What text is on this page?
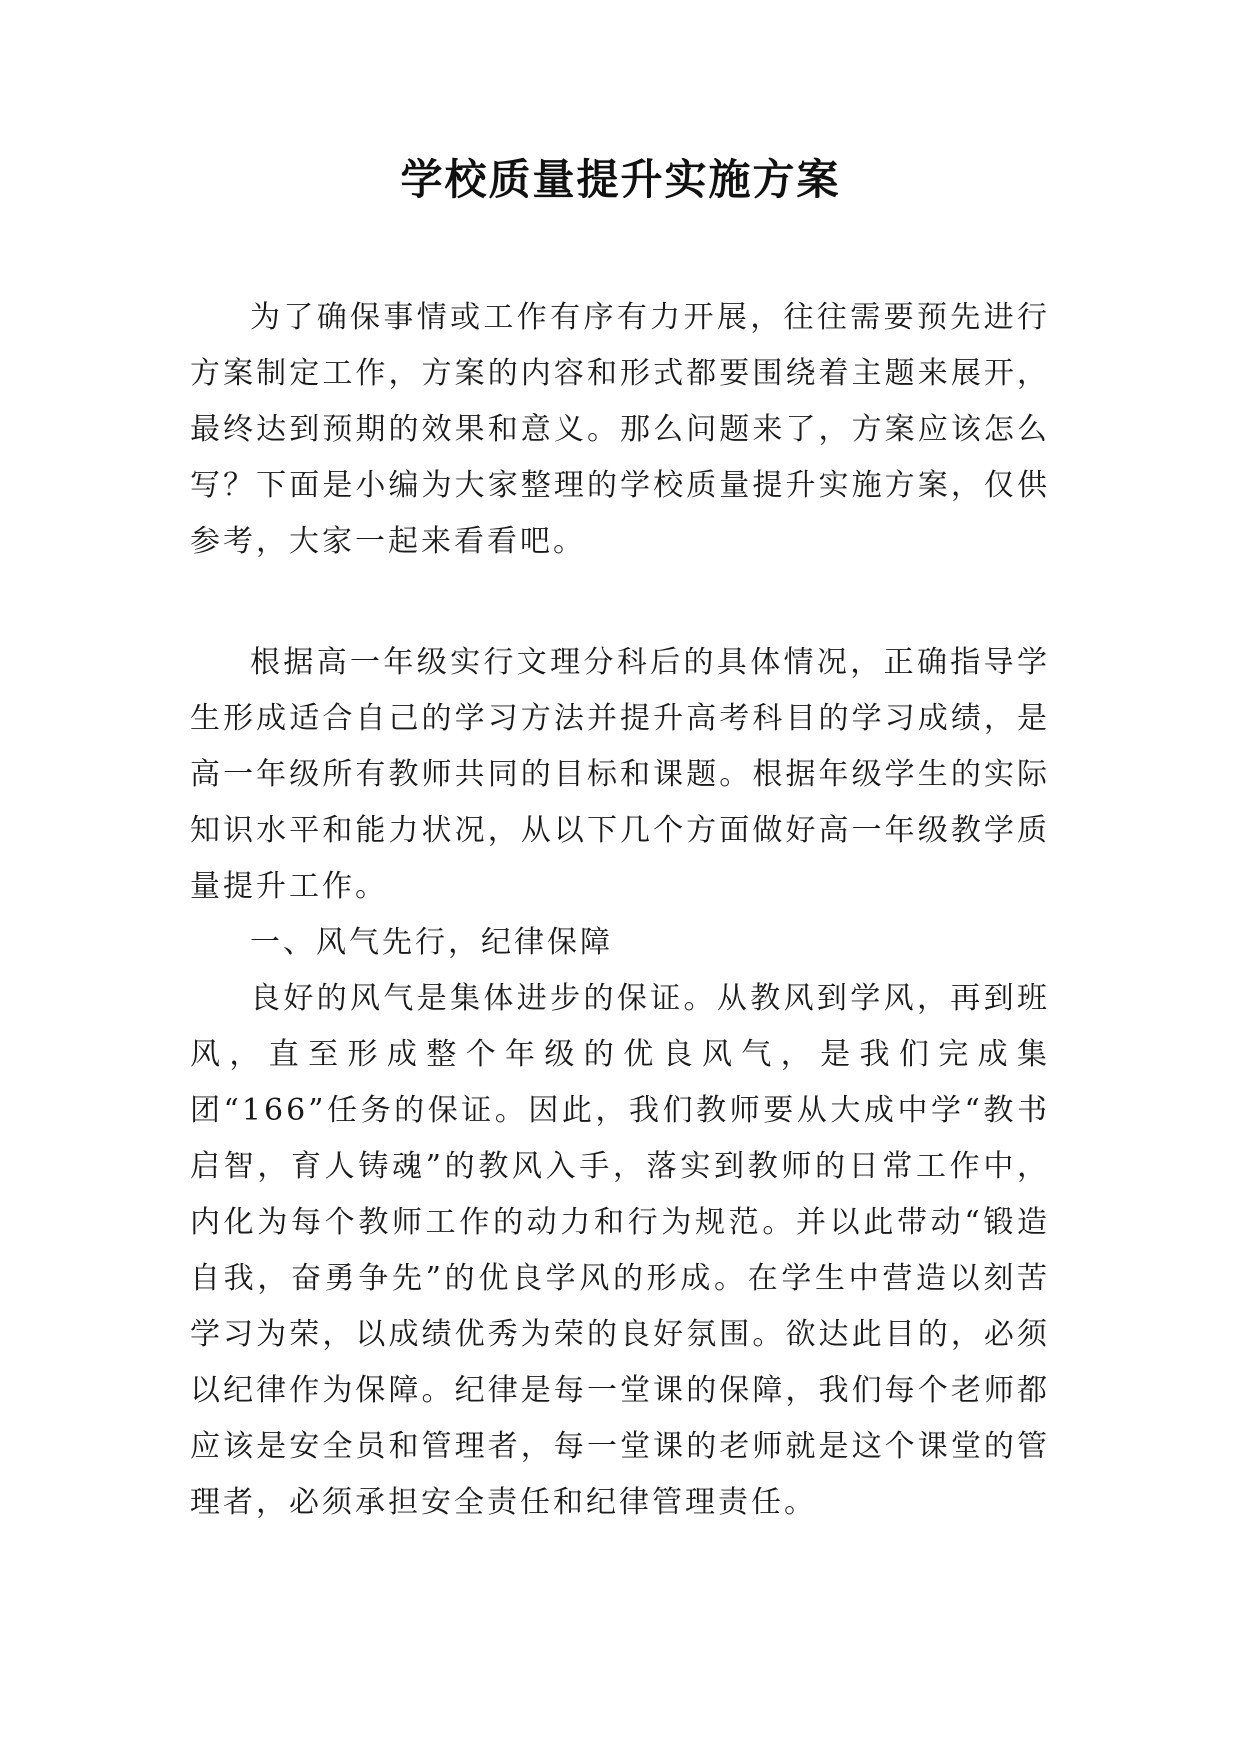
学校质量提升实施方案

为了确保事情或工作有序有力开展，往往需要预先进行方案制定工作，方案的内容和形式都要围绕着主题来展开，最终达到预期的效果和意义。那么问题来了，方案应该怎么写？下面是小编为大家整理的学校质量提升实施方案，仅供参考，大家一起来看看吧。

根据高一年级实行文理分科后的具体情况，正确指导学生形成适合自己的学习方法并提升高考科目的学习成绩，是高一年级所有教师共同的目标和课题。根据年级学生的实际知识水平和能力状况，从以下几个方面做好高一年级教学质量提升工作。

一、风气先行，纪律保障

良好的风气是集体进步的保证。从教风到学风，再到班风，直至形成整个年级的优良风气，是我们完成集团“166”任务的保证。因此，我们教师要从大成中学“教书启智，育人铸魂”的教风入手，落实到教师的日常工作中， 内化为每个教师工作的动力和行为规范。并以此带动“锻造自我，奋勇争先”的优良学风的形成。在学生中营造以刻苦学习为荣，以成绩优秀为荣的良好氛围。欲达此目的，必须以纪律作为保障。纪律是每一堂课的保障，我们每个老师都应该是安全员和管理者，每一堂课的老师就是这个课堂的管理者，必须承担安全责任和纪律管理责任。
